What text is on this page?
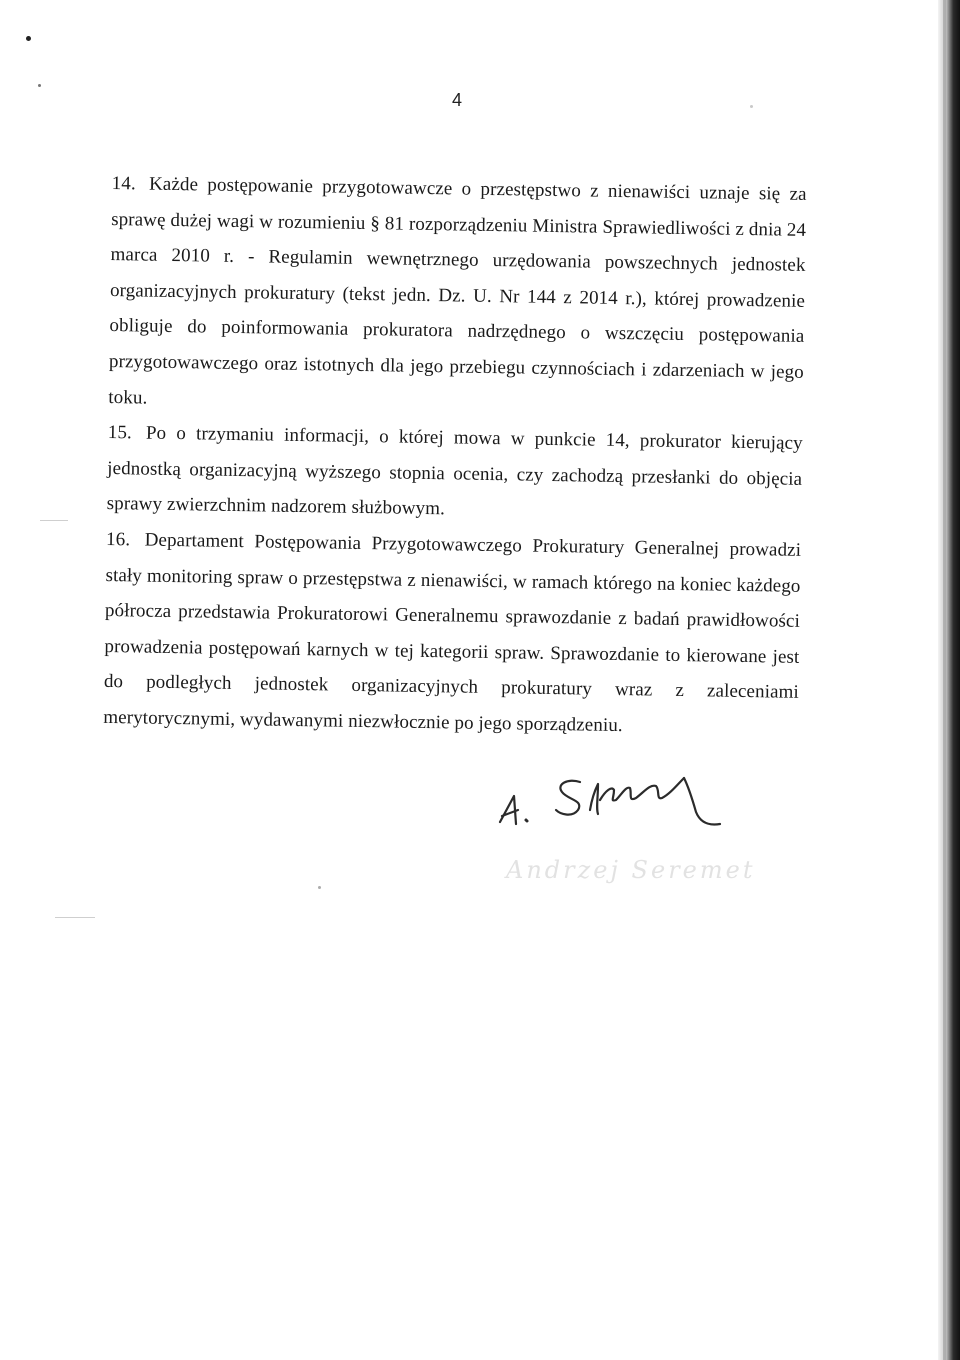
4

14. Każde postępowanie przygotowawcze o przestępstwo z nienawiści uznaje się za sprawę dużej wagi w rozumieniu § 81 rozporządzeniu Ministra Sprawiedliwości z dnia 24 marca 2010 r. - Regulamin wewnętrznego urzędowania powszechnych jednostek organizacyjnych prokuratury (tekst jedn. Dz. U. Nr 144 z 2014 r.), której prowadzenie obliguje do poinformowania prokuratora nadrzędnego o wszczęciu postępowania przygotowawczego oraz istotnych dla jego przebiegu czynnościach i zdarzeniach w jego toku.

15. Po o trzymaniu informacji, o której mowa w punkcie 14, prokurator kierujący jednostką organizacyjną wyższego stopnia ocenia, czy zachodzą przesłanki do objęcia sprawy zwierzchnim nadzorem służbowym.

16. Departament Postępowania Przygotowawczego Prokuratury Generalnej prowadzi stały monitoring spraw o przestępstwa z nienawiści, w ramach którego na koniec każdego półrocza przedstawia Prokuratorowi Generalnemu sprawozdanie z badań prawidłowości prowadzenia postępowań karnych w tej kategorii spraw. Sprawozdanie to kierowane jest do podległych jednostek organizacyjnych prokuratury wraz z zaleceniami merytorycznymi, wydawanymi niezwłocznie po jego sporządzeniu.

Andrzej Seremet
